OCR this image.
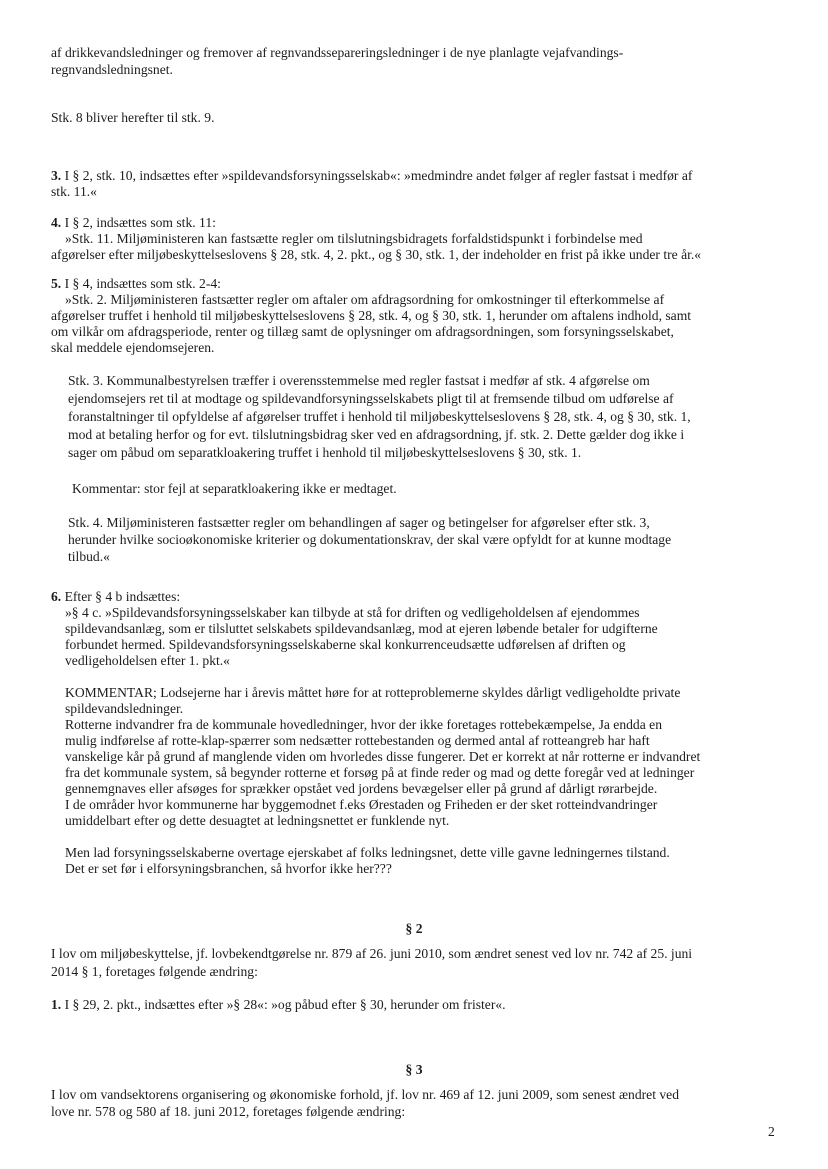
af drikkevandsledninger og fremover af regnvandssepareringsledninger i de nye planlagte vejafvandings-

regnvandsledningsnet.

Stk. 8 bliver herefter til stk. 9.

3. I § 2, stk. 10, indsættes efter »spildevandsforsyningsselskab«: »medmindre andet følger af regler fastsat i medfør af

stk. 11.«

4. I § 2, indsættes som stk. 11:

»Stk. 11. Miljøministeren kan fastsætte regler om tilslutningsbidragets forfaldstidspunkt i forbindelse med

afgørelser efter miljøbeskyttelseslovens § 28, stk. 4, 2. pkt., og § 30, stk. 1, der indeholder en frist på ikke under tre år.«

5. I § 4, indsættes som stk. 2-4:

»Stk. 2. Miljøministeren fastsætter regler om aftaler om afdragsordning for omkostninger til efterkommelse af

afgørelser truffet i henhold til miljøbeskyttelseslovens § 28, stk. 4, og § 30, stk. 1, herunder om aftalens indhold, samt

om vilkår om afdragsperiode, renter og tillæg samt de oplysninger om afdragsordningen, som forsyningsselskabet,

skal meddele ejendomsejeren.

Stk. 3. Kommunalbestyrelsen træffer i overensstemmelse med regler fastsat i medfør af stk. 4 afgørelse om

ejendomsejers ret til at modtage og spildevandforsyningsselskabets pligt til at fremsende tilbud om udførelse af

foranstaltninger til opfyldelse af afgørelser truffet i henhold til miljøbeskyttelseslovens § 28, stk. 4, og § 30, stk. 1,

mod at betaling herfor og for evt. tilslutningsbidrag sker ved en afdragsordning, jf. stk. 2. Dette gælder dog ikke i

sager om påbud om separatkloakering truffet i henhold til miljøbeskyttelseslovens § 30, stk. 1.

Kommentar: stor fejl at separatkloakering ikke er medtaget.

Stk. 4. Miljøministeren fastsætter regler om behandlingen af sager og betingelser for afgørelser efter stk. 3,

herunder hvilke socioøkonomiske kriterier og dokumentationskrav, der skal være opfyldt for at kunne modtage

tilbud.«

6. Efter § 4 b indsættes:

»§ 4 c. »Spildevandsforsyningsselskaber kan tilbyde at stå for driften og vedligeholdelsen af ejendommes

spildevandsanlæg, som er tilsluttet selskabets spildevandsanlæg, mod at ejeren løbende betaler for udgifterne

forbundet hermed. Spildevandsforsyningsselskaberne skal konkurrenceudsætte udførelsen af driften og

vedligeholdelsen efter 1. pkt.«

KOMMENTAR; Lodsejerne har i årevis måttet høre for at rotteproblemerne skyldes dårligt vedligeholdte private

spildevandsledninger.

Rotterne indvandrer fra de kommunale hovedledninger, hvor der ikke foretages rottebekæmpelse, Ja endda en

mulig indførelse af rotte-klap-spærrer som nedsætter rottebestanden og dermed antal af rotteangreb har haft

vanskelige kår på grund af manglende viden om hvorledes disse fungerer. Det er korrekt at når rotterne er indvandret

fra det kommunale system, så begynder rotterne et forsøg på at finde reder og mad og dette foregår ved at ledninger

gennemgnaves eller afsøges for sprækker opstået ved jordens bevægelser eller på grund af dårligt rørarbejde.

I de områder hvor kommunerne har byggemodnet f.eks Ørestaden og Friheden er der sket rotteindvandringer

umiddelbart efter og dette desuagtet at ledningsnettet er funklende nyt.

Men lad forsyningsselskaberne overtage ejerskabet af folks ledningsnet, dette ville gavne ledningernes tilstand.

Det er set før i elforsyningsbranchen, så hvorfor ikke her???

§ 2

I lov om miljøbeskyttelse, jf. lovbekendtgørelse nr. 879 af 26. juni 2010, som ændret senest ved lov nr. 742 af 25. juni

2014 § 1, foretages følgende ændring:

1. I § 29, 2. pkt., indsættes efter »§ 28«: »og påbud efter § 30, herunder om frister«.

§ 3

I lov om vandsektorens organisering og økonomiske forhold, jf. lov nr. 469 af 12. juni 2009, som senest ændret ved

love nr. 578 og 580 af 18. juni 2012, foretages følgende ændring:

2
